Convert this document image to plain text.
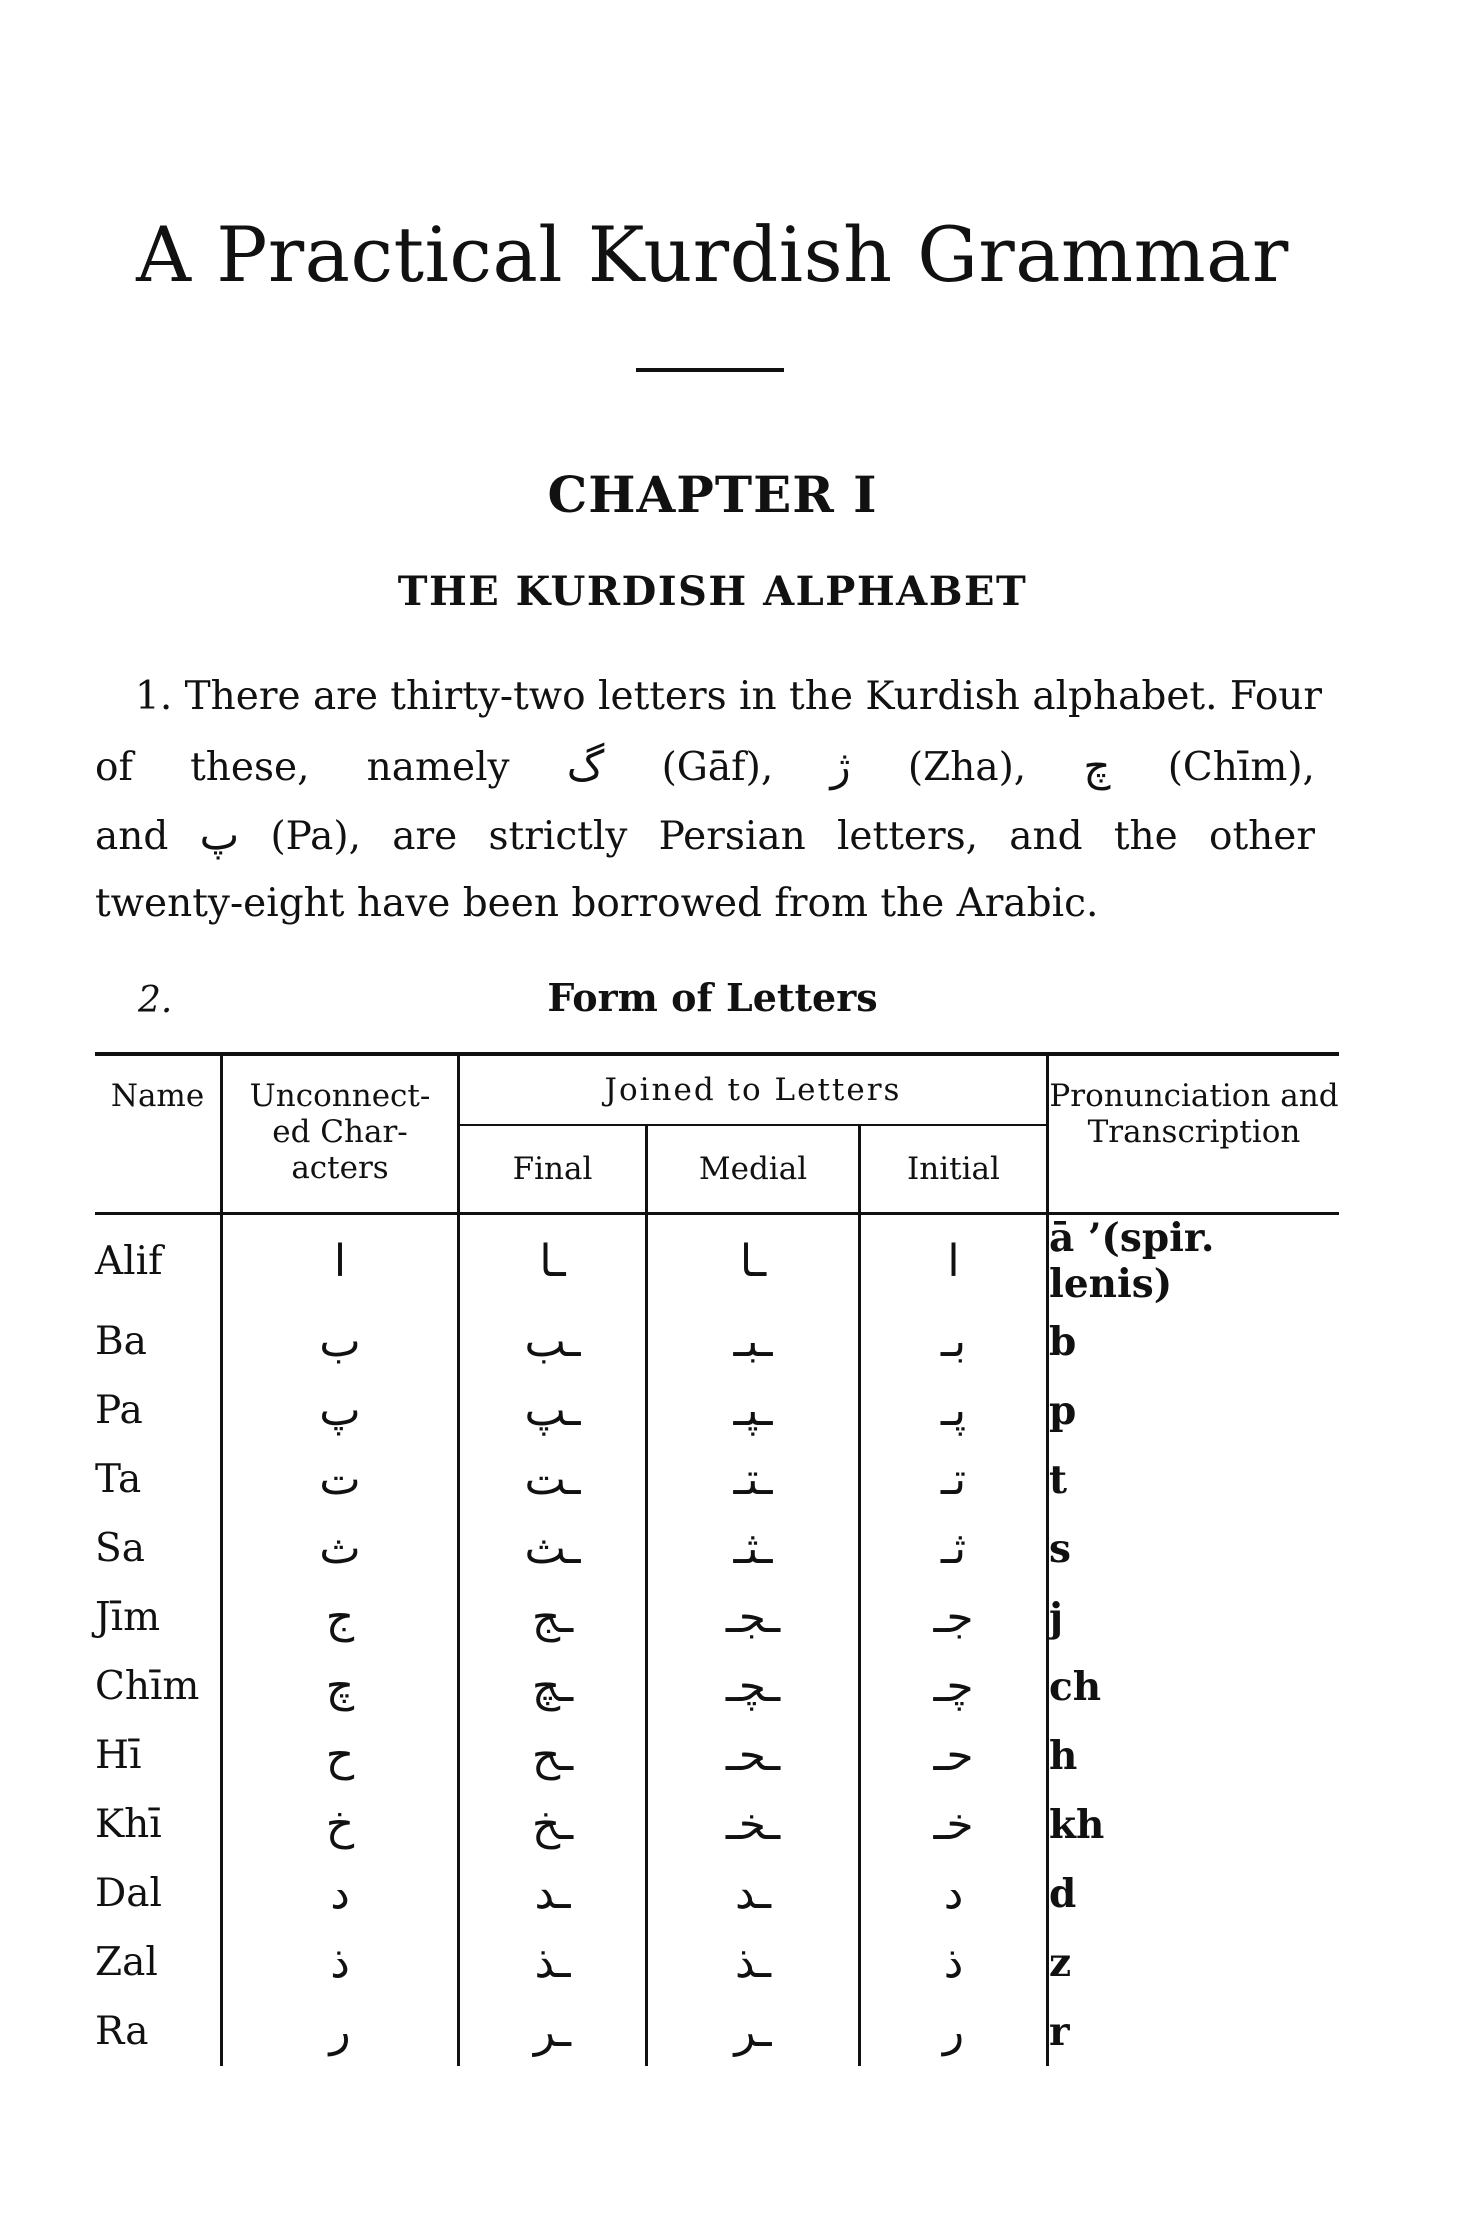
A Practical Kurdish Grammar
CHAPTER I
THE KURDISH ALPHABET
1. There are thirty-two letters in the Kurdish alphabet. Four
of these, namely گ (Gāf), ژ (Zha), چ (Chīm),
and پ (Pa), are strictly Persian letters, and the other
twenty-eight have been borrowed from the Arabic.
2.	Form of Letters
Name	Unconnect-ed Char-acters	Joined to Letters			Pronunciation and Transcription
		Final	Medial	Initial	
Alif	ا	ـا	ـا	ا	ā ’(spir. lenis)
Ba	ب	ـب	ـبـ	بـ	b
Pa	پ	ـپ	ـپـ	پـ	p
Ta	ت	ـت	ـتـ	تـ	t
Sa	ث	ـث	ـثـ	ثـ	s
Jīm	ج	ـج	ـجـ	جـ	j
Chīm	چ	ـچ	ـچـ	چـ	ch
Hī	ح	ـح	ـحـ	حـ	h
Khī	خ	ـخ	ـخـ	خـ	kh
Dal	د	ـد	ـد	د	d
Zal	ذ	ـذ	ـذ	ذ	z
Ra	ر	ـر	ـر	ر	r
